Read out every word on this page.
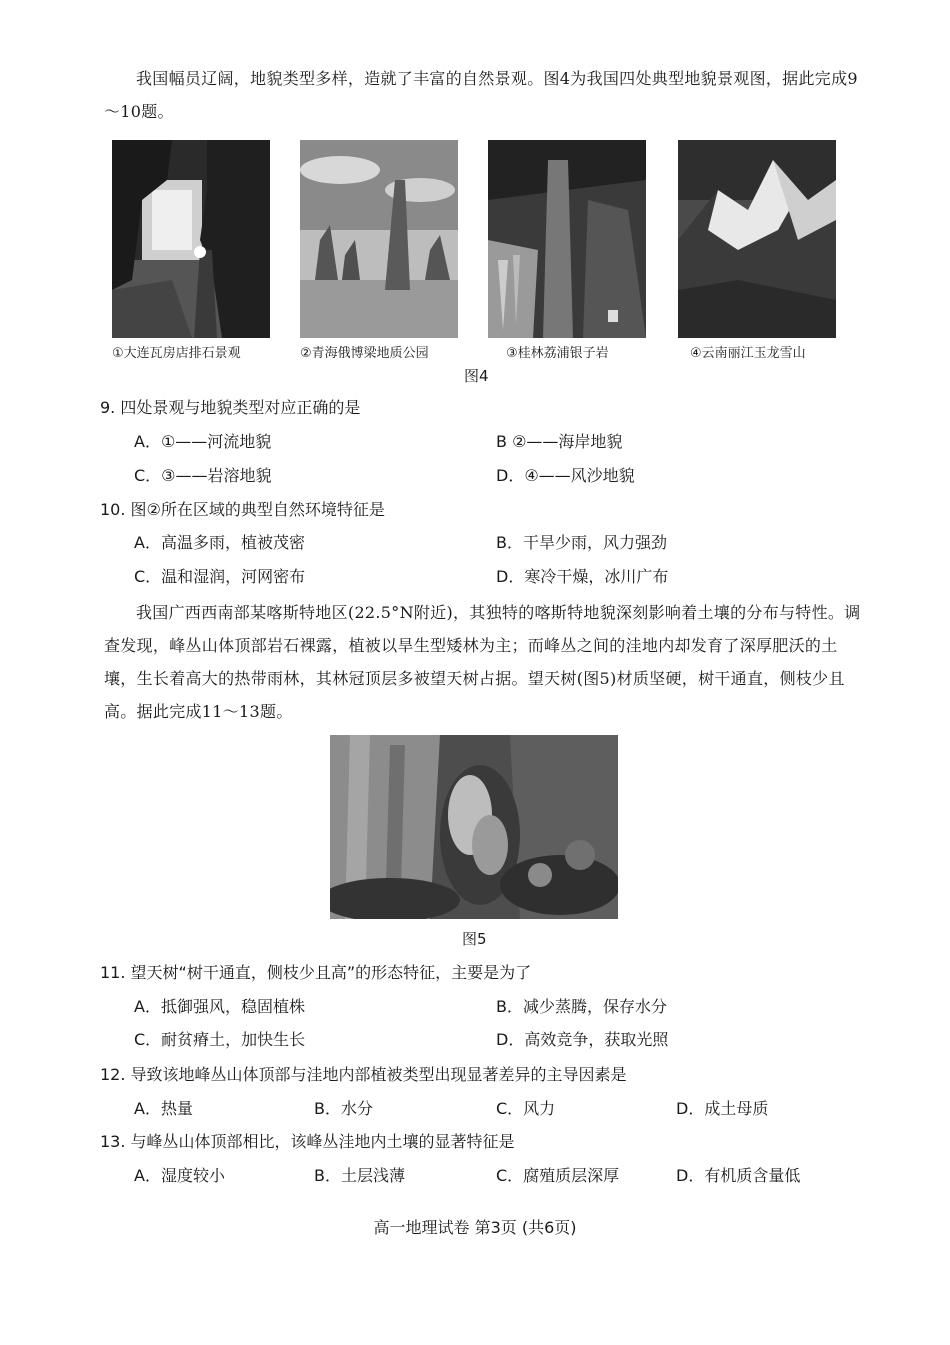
我国幅员辽阔，地貌类型多样，造就了丰富的自然景观。图4为我国四处典型地貌景观图，据此完成9～10题。

①大连瓦房店排石景观	②青海俄博梁地质公园	③桂林荔浦银子岩	④云南丽江玉龙雪山
图4

9. 四处景观与地貌类型对应正确的是

A．①——河流地貌	B ②——海岸地貌
C．③——岩溶地貌	D．④——风沙地貌

10. 图②所在区域的典型自然环境特征是

A．高温多雨，植被茂密	B．干旱少雨，风力强劲
C．温和湿润，河网密布	D．寒冷干燥，冰川广布

我国广西西南部某喀斯特地区(22.5°N附近)，其独特的喀斯特地貌深刻影响着土壤的分布与特性。调查发现，峰丛山体顶部岩石裸露，植被以旱生型矮林为主；而峰丛之间的洼地内却发育了深厚肥沃的土壤，生长着高大的热带雨林，其林冠顶层多被望天树占据。望天树(图5)材质坚硬，树干通直，侧枝少且高。据此完成11～13题。

图5

11. 望天树“树干通直，侧枝少且高”的形态特征，主要是为了

A．抵御强风，稳固植株	B．减少蒸腾，保存水分
C．耐贫瘠土，加快生长	D．高效竞争，获取光照

12. 导致该地峰丛山体顶部与洼地内部植被类型出现显著差异的主导因素是

A．热量	B．水分	C．风力	D．成土母质

13. 与峰丛山体顶部相比，该峰丛洼地内土壤的显著特征是

A．湿度较小	B．土层浅薄	C．腐殖质层深厚	D．有机质含量低
高一地理试卷 第3页 (共6页)
